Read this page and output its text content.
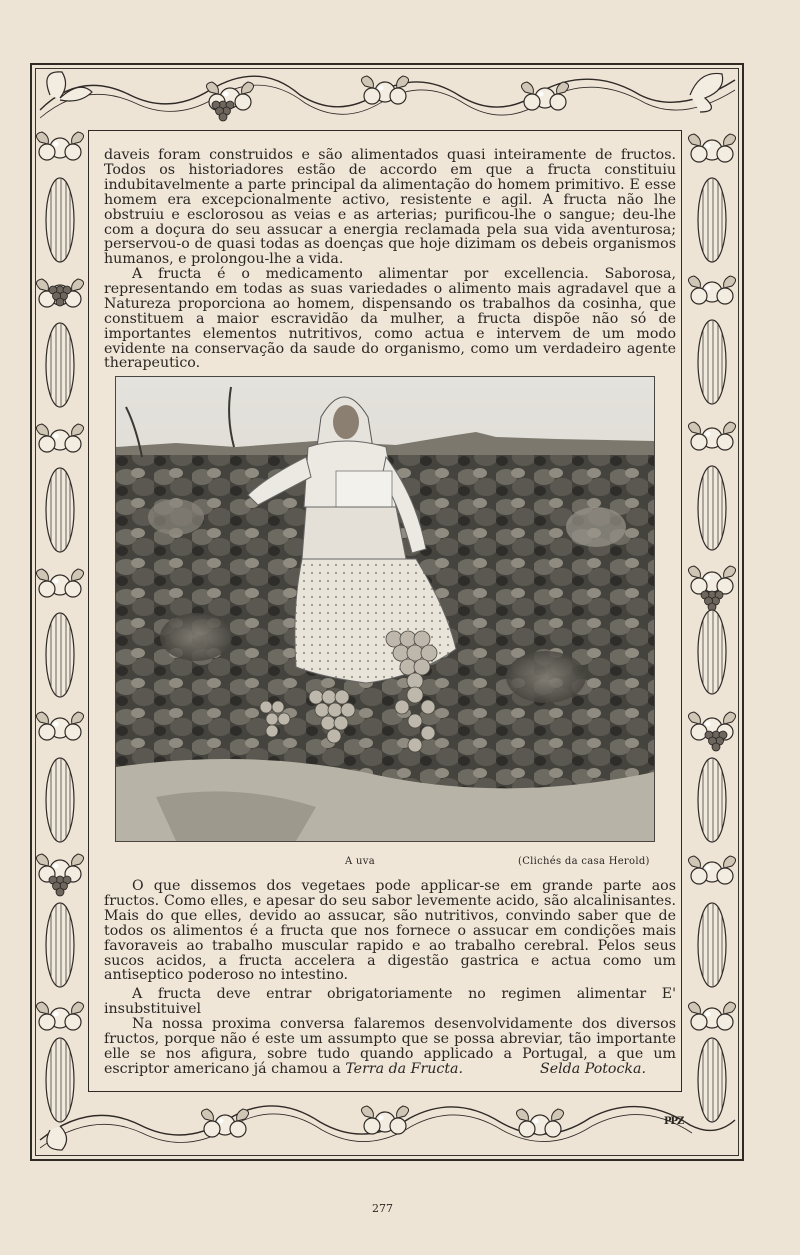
daveis foram construidos e são alimentados quasi inteiramente de fructos. Todos os historiadores estão de accordo em que a fructa constituiu indubitavelmente a parte principal da alimentação do homem primitivo. E esse homem era excepcionalmente activo, resistente e agil. A fructa não lhe obstruiu e esclorosou as veias e as arterias; purificou-lhe o sangue; deu-lhe com a doçura do seu assucar a energia reclamada pela sua vida aventurosa; perservou-o de quasi todas as doenças que hoje dizimam os debeis organismos humanos, e prolongou-lhe a vida.

A fructa é o medicamento alimentar por excellencia. Saborosa, representando em todas as suas variedades o alimento mais agradavel que a Natureza proporciona ao homem, dispensando os trabalhos da cosinha, que constituem a maior escravidão da mulher, a fructa dispõe não só de importantes elementos nutritivos, como actua e intervem de um modo evidente na conservação da saude do organismo, como um verdadeiro agente therapeutico.

A uva	(Clichés da casa Herold)

O que dissemos dos vegetaes pode applicar-se em grande parte aos fructos. Como elles, e apesar do seu sabor levemente acido, são alcalinisantes. Mais do que elles, devido ao assucar, são nutritivos, convindo saber que de todos os alimentos é a fructa que nos fornece o assucar em condições mais favoraveis ao trabalho muscular rapido e ao trabalho cerebral. Pelos seus sucos acidos, a fructa accelera a digestão gastrica e actua como um antiseptico poderoso no intestino.

A fructa deve entrar obrigatoriamente no regimen alimentar E' insubstituivel

Na nossa proxima conversa falaremos desenvolvidamente dos diversos fructos, porque não é este um assumpto que se possa abreviar, tão importante elle se nos afigura, sobre tudo quando applicado a Portugal, a que um escriptor americano já chamou a Terra da Fructa.	Selda Potocka.

PPZ
277
